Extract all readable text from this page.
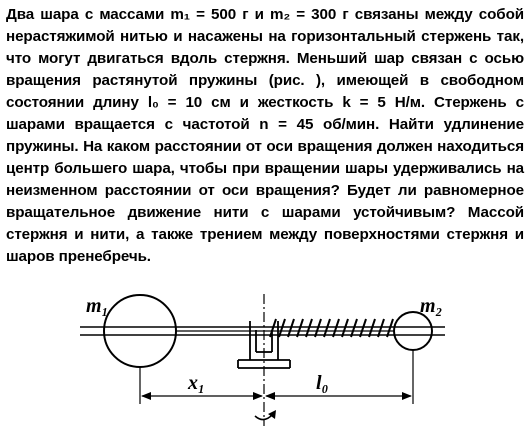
Два шара с массами m₁ = 500 г и m₂ = 300 г связаны между собой
нерастяжимой нитью и насажены на горизонтальный стержень так,
что могут двигаться вдоль стержня. Меньший шар связан с осью
вращения растянутой пружины (рис. ), имеющей в свободном
состоянии длину l₀ = 10 см и жесткость k = 5 Н/м. Стержень с
шарами вращается с частотой n = 45 об/мин. Найти удлинение
пружины. На каком расстоянии от оси вращения должен находиться
центр большего шара, чтобы при вращении шары удерживались на
неизменном расстоянии от оси вращения? Будет ли равномерное
вращательное движение нити с шарами устойчивым? Массой
стержня и нити, а также трением между поверхностями стержня и
шаров пренебречь.
m₁	m₂
x₁	l₀
